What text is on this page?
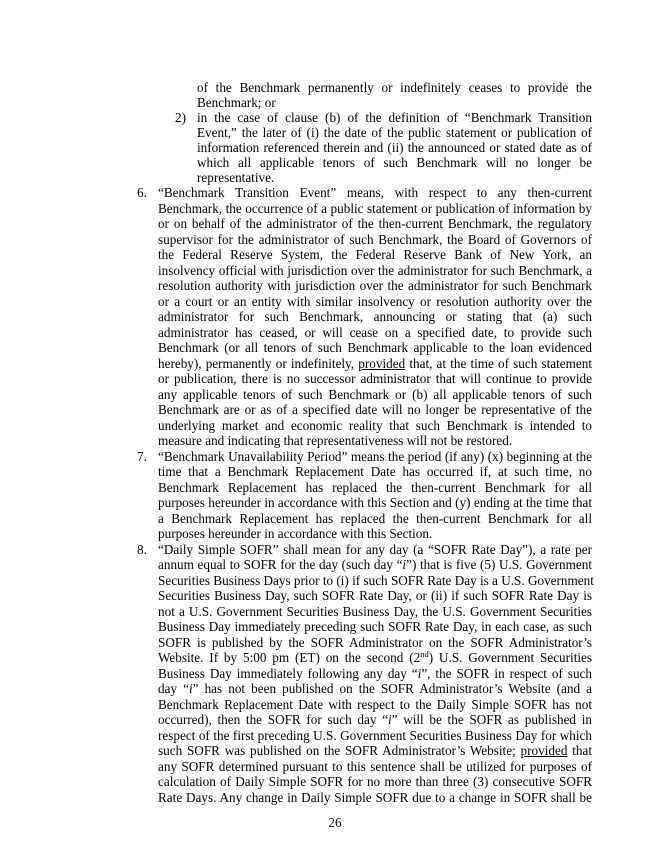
of the Benchmark permanently or indefinitely ceases to provide the
Benchmark; or
2) in the case of clause (b) of the definition of “Benchmark Transition
Event,” the later of (i) the date of the public statement or publication of
information referenced therein and (ii) the announced or stated date as of
which all applicable tenors of such Benchmark will no longer be
representative.
6. “Benchmark Transition Event” means, with respect to any then-current
Benchmark, the occurrence of a public statement or publication of information by
or on behalf of the administrator of the then-current Benchmark, the regulatory
supervisor for the administrator of such Benchmark, the Board of Governors of
the Federal Reserve System, the Federal Reserve Bank of New York, an
insolvency official with jurisdiction over the administrator for such Benchmark, a
resolution authority with jurisdiction over the administrator for such Benchmark
or a court or an entity with similar insolvency or resolution authority over the
administrator for such Benchmark, announcing or stating that (a) such
administrator has ceased, or will cease on a specified date, to provide such
Benchmark (or all tenors of such Benchmark applicable to the loan evidenced
hereby), permanently or indefinitely, provided that, at the time of such statement
or publication, there is no successor administrator that will continue to provide
any applicable tenors of such Benchmark or (b) all applicable tenors of such
Benchmark are or as of a specified date will no longer be representative of the
underlying market and economic reality that such Benchmark is intended to
measure and indicating that representativeness will not be restored.
7. “Benchmark Unavailability Period” means the period (if any) (x) beginning at the
time that a Benchmark Replacement Date has occurred if, at such time, no
Benchmark Replacement has replaced the then-current Benchmark for all
purposes hereunder in accordance with this Section and (y) ending at the time that
a Benchmark Replacement has replaced the then-current Benchmark for all
purposes hereunder in accordance with this Section.
8. “Daily Simple SOFR” shall mean for any day (a “SOFR Rate Day”), a rate per
annum equal to SOFR for the day (such day “i”) that is five (5) U.S. Government
Securities Business Days prior to (i) if such SOFR Rate Day is a U.S. Government
Securities Business Day, such SOFR Rate Day, or (ii) if such SOFR Rate Day is
not a U.S. Government Securities Business Day, the U.S. Government Securities
Business Day immediately preceding such SOFR Rate Day, in each case, as such
SOFR is published by the SOFR Administrator on the SOFR Administrator’s
Website. If by 5:00 pm (ET) on the second (2nd) U.S. Government Securities
Business Day immediately following any day “i”, the SOFR in respect of such
day “i” has not been published on the SOFR Administrator’s Website (and a
Benchmark Replacement Date with respect to the Daily Simple SOFR has not
occurred), then the SOFR for such day “i” will be the SOFR as published in
respect of the first preceding U.S. Government Securities Business Day for which
such SOFR was published on the SOFR Administrator’s Website; provided that
any SOFR determined pursuant to this sentence shall be utilized for purposes of
calculation of Daily Simple SOFR for no more than three (3) consecutive SOFR
Rate Days. Any change in Daily Simple SOFR due to a change in SOFR shall be
26
